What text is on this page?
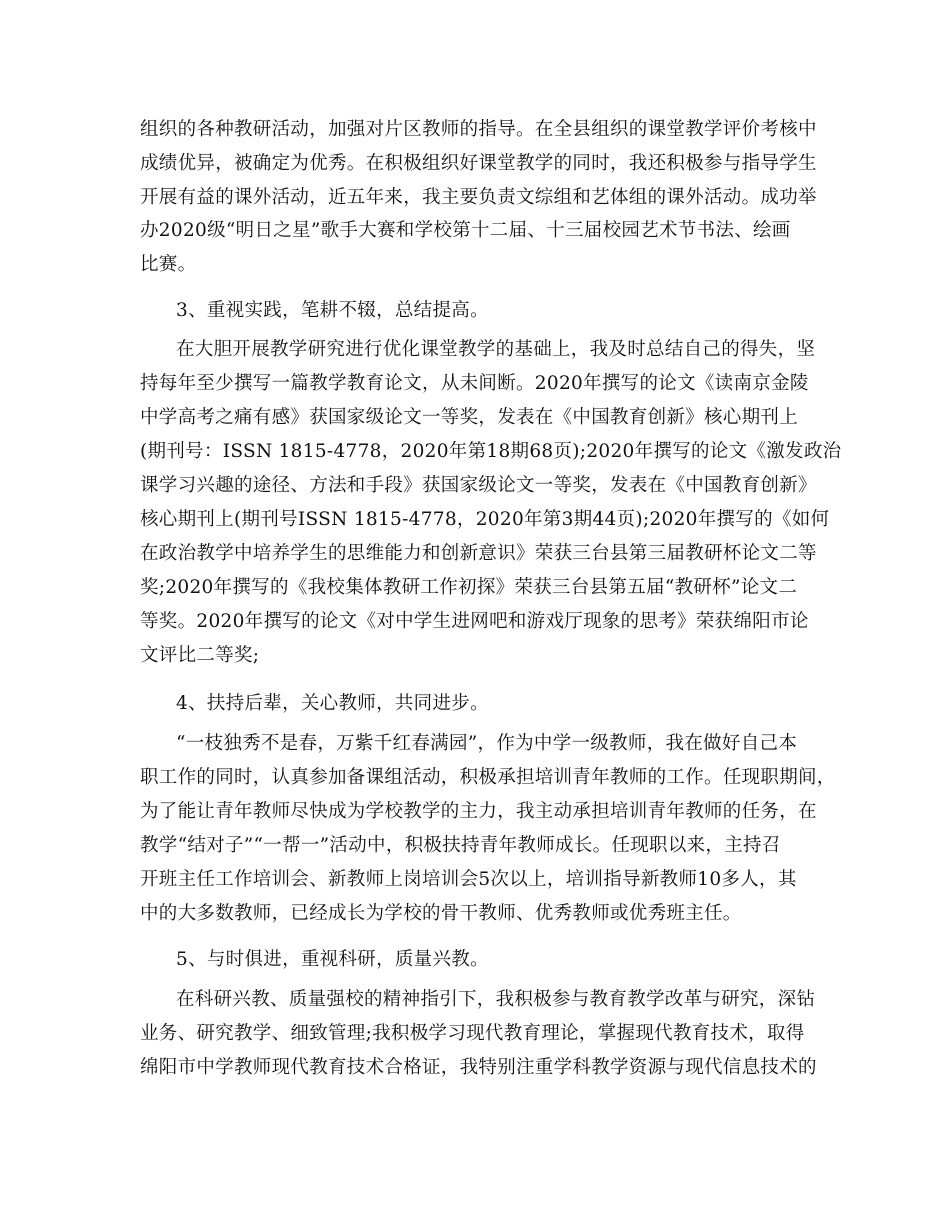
组织的各种教研活动，加强对片区教师的指导。在全县组织的课堂教学评价考核中
成绩优异，被确定为优秀。在积极组织好课堂教学的同时，我还积极参与指导学生
开展有益的课外活动，近五年来，我主要负责文综组和艺体组的课外活动。成功举
办2020级“明日之星”歌手大赛和学校第十二届、十三届校园艺术节书法、绘画
比赛。
3、重视实践，笔耕不辍，总结提高。
在大胆开展教学研究进行优化课堂教学的基础上，我及时总结自己的得失，坚
持每年至少撰写一篇教学教育论文，从未间断。2020年撰写的论文《读南京金陵
中学高考之痛有感》获国家级论文一等奖，发表在《中国教育创新》核心期刊上
(期刊号：ISSN 1815-4778，2020年第18期68页);2020年撰写的论文《激发政治
课学习兴趣的途径、方法和手段》获国家级论文一等奖，发表在《中国教育创新》
核心期刊上(期刊号ISSN 1815-4778，2020年第3期44页);2020年撰写的《如何
在政治教学中培养学生的思维能力和创新意识》荣获三台县第三届教研杯论文二等
奖;2020年撰写的《我校集体教研工作初探》荣获三台县第五届“教研杯”论文二
等奖。2020年撰写的论文《对中学生进网吧和游戏厅现象的思考》荣获绵阳市论
文评比二等奖;
4、扶持后辈，关心教师，共同进步。
“一枝独秀不是春，万紫千红春满园”，作为中学一级教师，我在做好自己本
职工作的同时，认真参加备课组活动，积极承担培训青年教师的工作。任现职期间，
为了能让青年教师尽快成为学校教学的主力，我主动承担培训青年教师的任务，在
教学“结对子”“一帮一”活动中，积极扶持青年教师成长。任现职以来，主持召
开班主任工作培训会、新教师上岗培训会5次以上，培训指导新教师10多人，其
中的大多数教师，已经成长为学校的骨干教师、优秀教师或优秀班主任。
5、与时俱进，重视科研，质量兴教。
在科研兴教、质量强校的精神指引下，我积极参与教育教学改革与研究，深钻
业务、研究教学、细致管理;我积极学习现代教育理论，掌握现代教育技术，取得
绵阳市中学教师现代教育技术合格证，我特别注重学科教学资源与现代信息技术的
